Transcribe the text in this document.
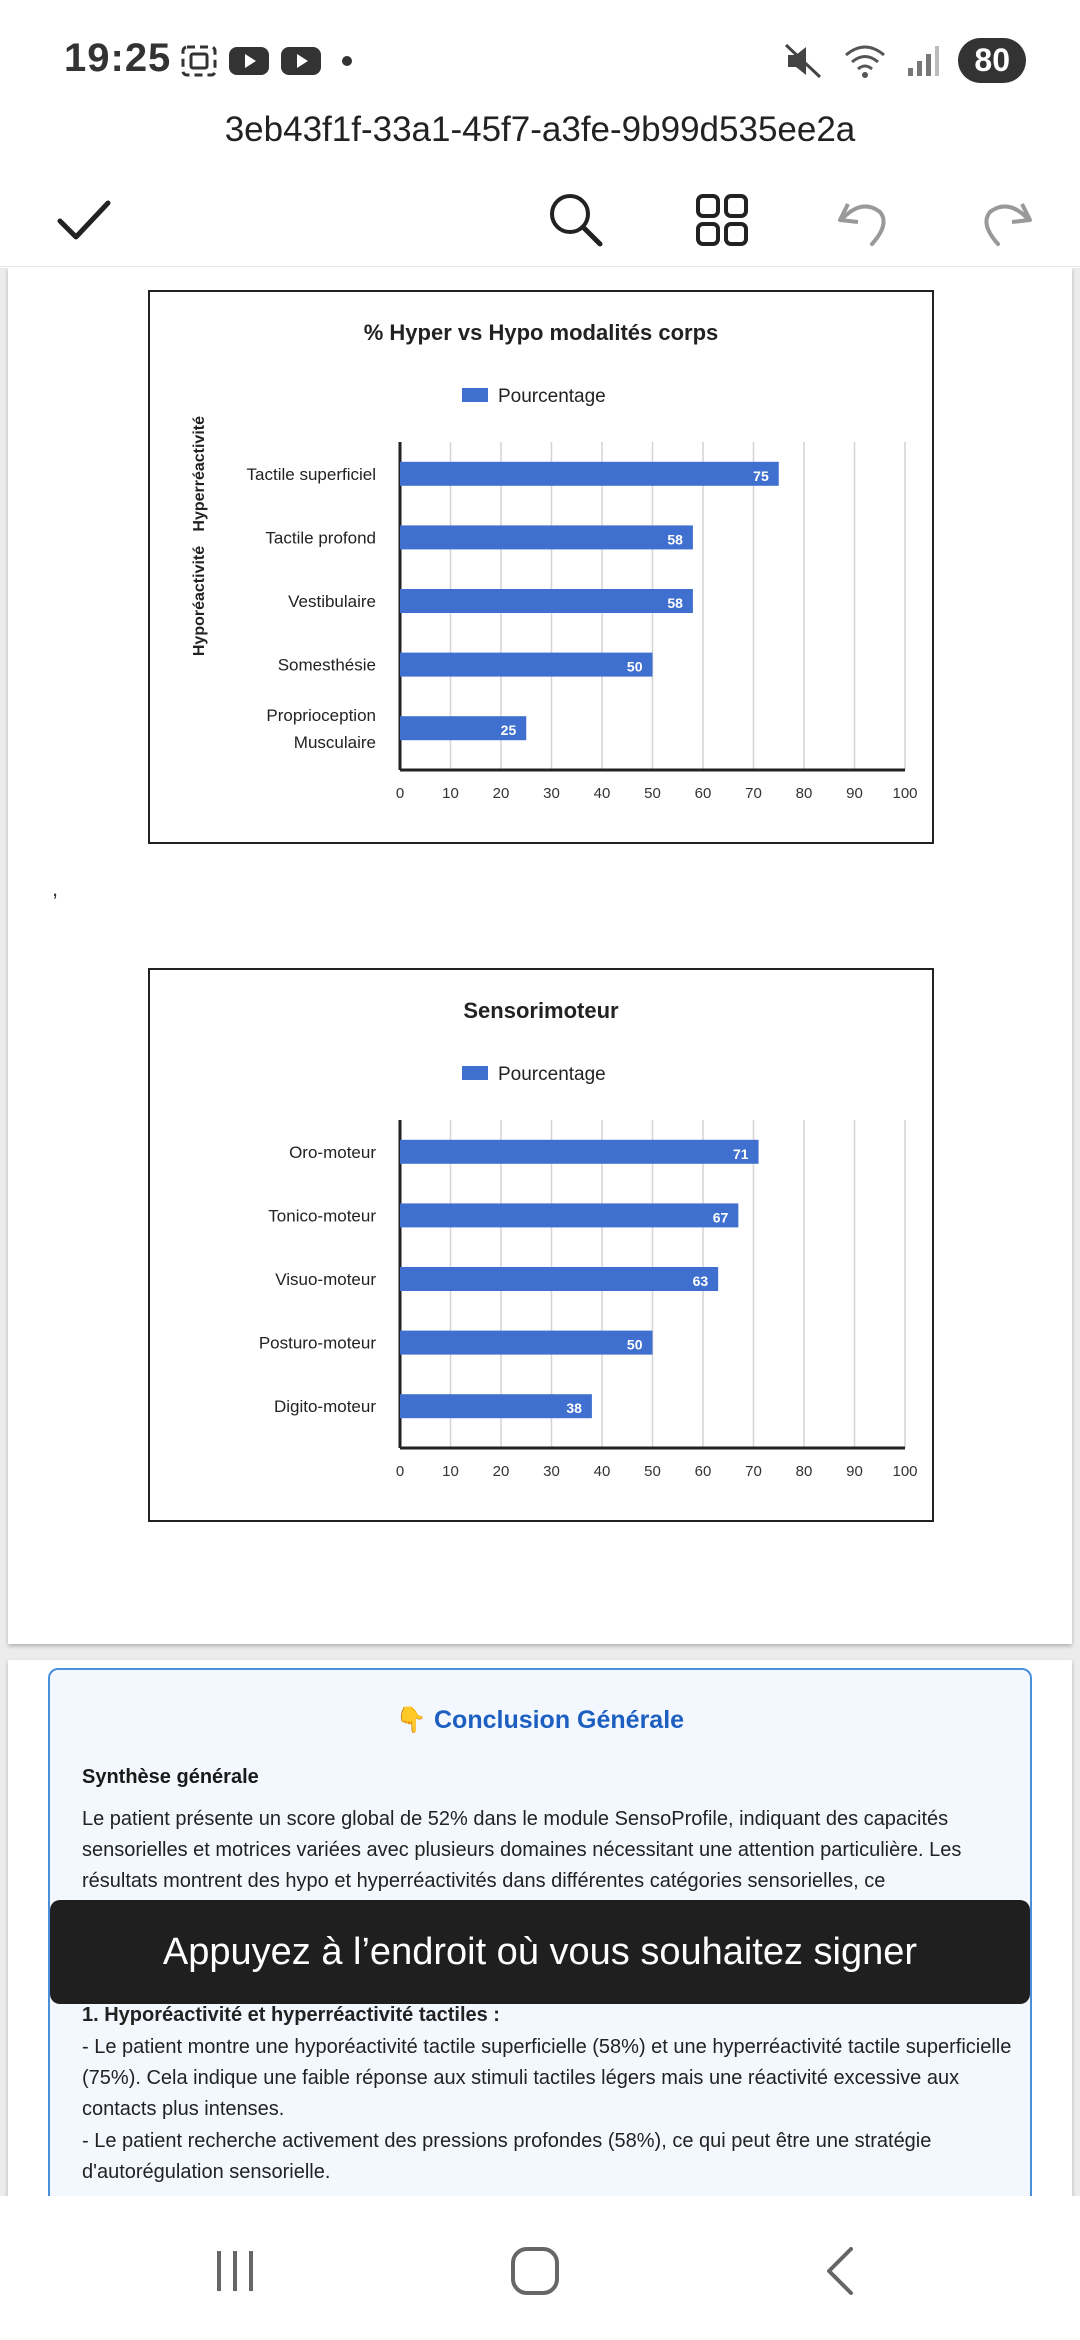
19:25	80
3eb43f1f-33a1-45f7-a3fe-9b99d535ee2a
% Hyper vs Hypo modalités corps
Pourcentage
0	10 20 30 40 50 60 70 80 90 100
75
Tactile superficiel
58
Tactile profond
58
Vestibulaire
50
Somesthésie
25
Proprioception
Musculaire
Hyperréactivité
Hyporéactivité
,
Sensorimoteur
Pourcentage
0	10 20 30 40 50 60 70 80 90 100
71
Oro-moteur
67
Tonico-moteur
63
Visuo-moteur
50
Posturo-moteur
38
Digito-moteur
👇 Conclusion Générale
Synthèse générale
Le patient présente un score global de 52% dans le module SensoProfile, indiquant des capacités sensorielles et motrices variées avec plusieurs domaines nécessitant une attention particulière. Les résultats montrent des hypo et hyperréactivités dans différentes catégories sensorielles, ce
1. Hyporéactivité et hyperréactivité tactiles :
- Le patient montre une hyporéactivité tactile superficielle (58%) et une hyperréactivité tactile superficielle (75%). Cela indique une faible réponse aux stimuli tactiles légers mais une réactivité excessive aux contacts plus intenses.
- Le patient recherche activement des pressions profondes (58%), ce qui peut être une stratégie d'autorégulation sensorielle.
Appuyez à l’endroit où vous souhaitez signer
